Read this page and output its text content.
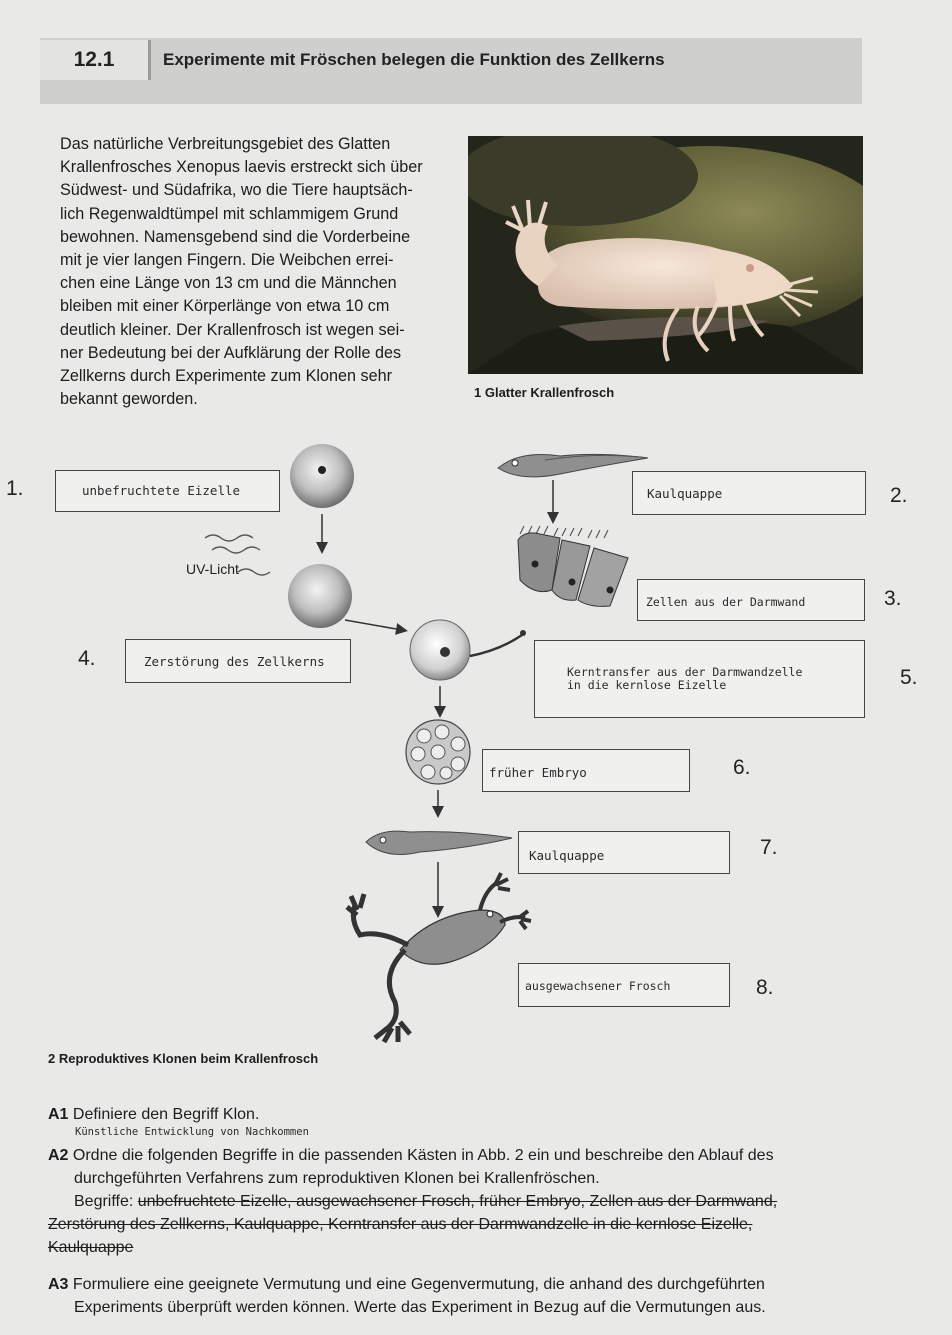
12.1	Experimente mit Fröschen belegen die Funktion des Zellkerns
Das natürliche Verbreitungsgebiet des Glatten
Krallenfrosches Xenopus laevis erstreckt sich über
Südwest- und Südafrika, wo die Tiere hauptsäch-
lich Regenwaldtümpel mit schlammigem Grund
bewohnen. Namensgebend sind die Vorderbeine
mit je vier langen Fingern. Die Weibchen errei-
chen eine Länge von 13 cm und die Männchen
bleiben mit einer Körperlänge von etwa 10 cm
deutlich kleiner. Der Krallenfrosch ist wegen sei-
ner Bedeutung bei der Aufklärung der Rolle des
Zellkerns durch Experimente zum Klonen sehr
bekannt geworden.	1 Glatter Krallenfrosch
1.	unbefruchtete Eizelle	Kaulquappe	2.
UV-Licht
Zellen aus der Darmwand	3.
4.	Zerstörung des Zellkerns
Kerntransfer aus der Darmwandzelle
in die kernlose Eizelle	5.
früher Embryo	6.
Kaulquappe	7.
ausgewachsener Frosch	8.
2 Reproduktives Klonen beim Krallenfrosch
A1 Definiere den Begriff Klon.
Künstliche Entwicklung von Nachkommen
A2 Ordne die folgenden Begriffe in die passenden Kästen in Abb. 2 ein und beschreibe den Ablauf des
durchgeführten Verfahrens zum reproduktiven Klonen bei Krallenfröschen.
Begriffe: unbefruchtete Eizelle, ausgewachsener Frosch, früher Embryo, Zellen aus der Darmwand,
Zerstörung des Zellkerns, Kaulquappe, Kerntransfer aus der Darmwandzelle in die kernlose Eizelle,
Kaulquappe
A3 Formuliere eine geeignete Vermutung und eine Gegenvermutung, die anhand des durchgeführten
Experiments überprüft werden können. Werte das Experiment in Bezug auf die Vermutungen aus.
